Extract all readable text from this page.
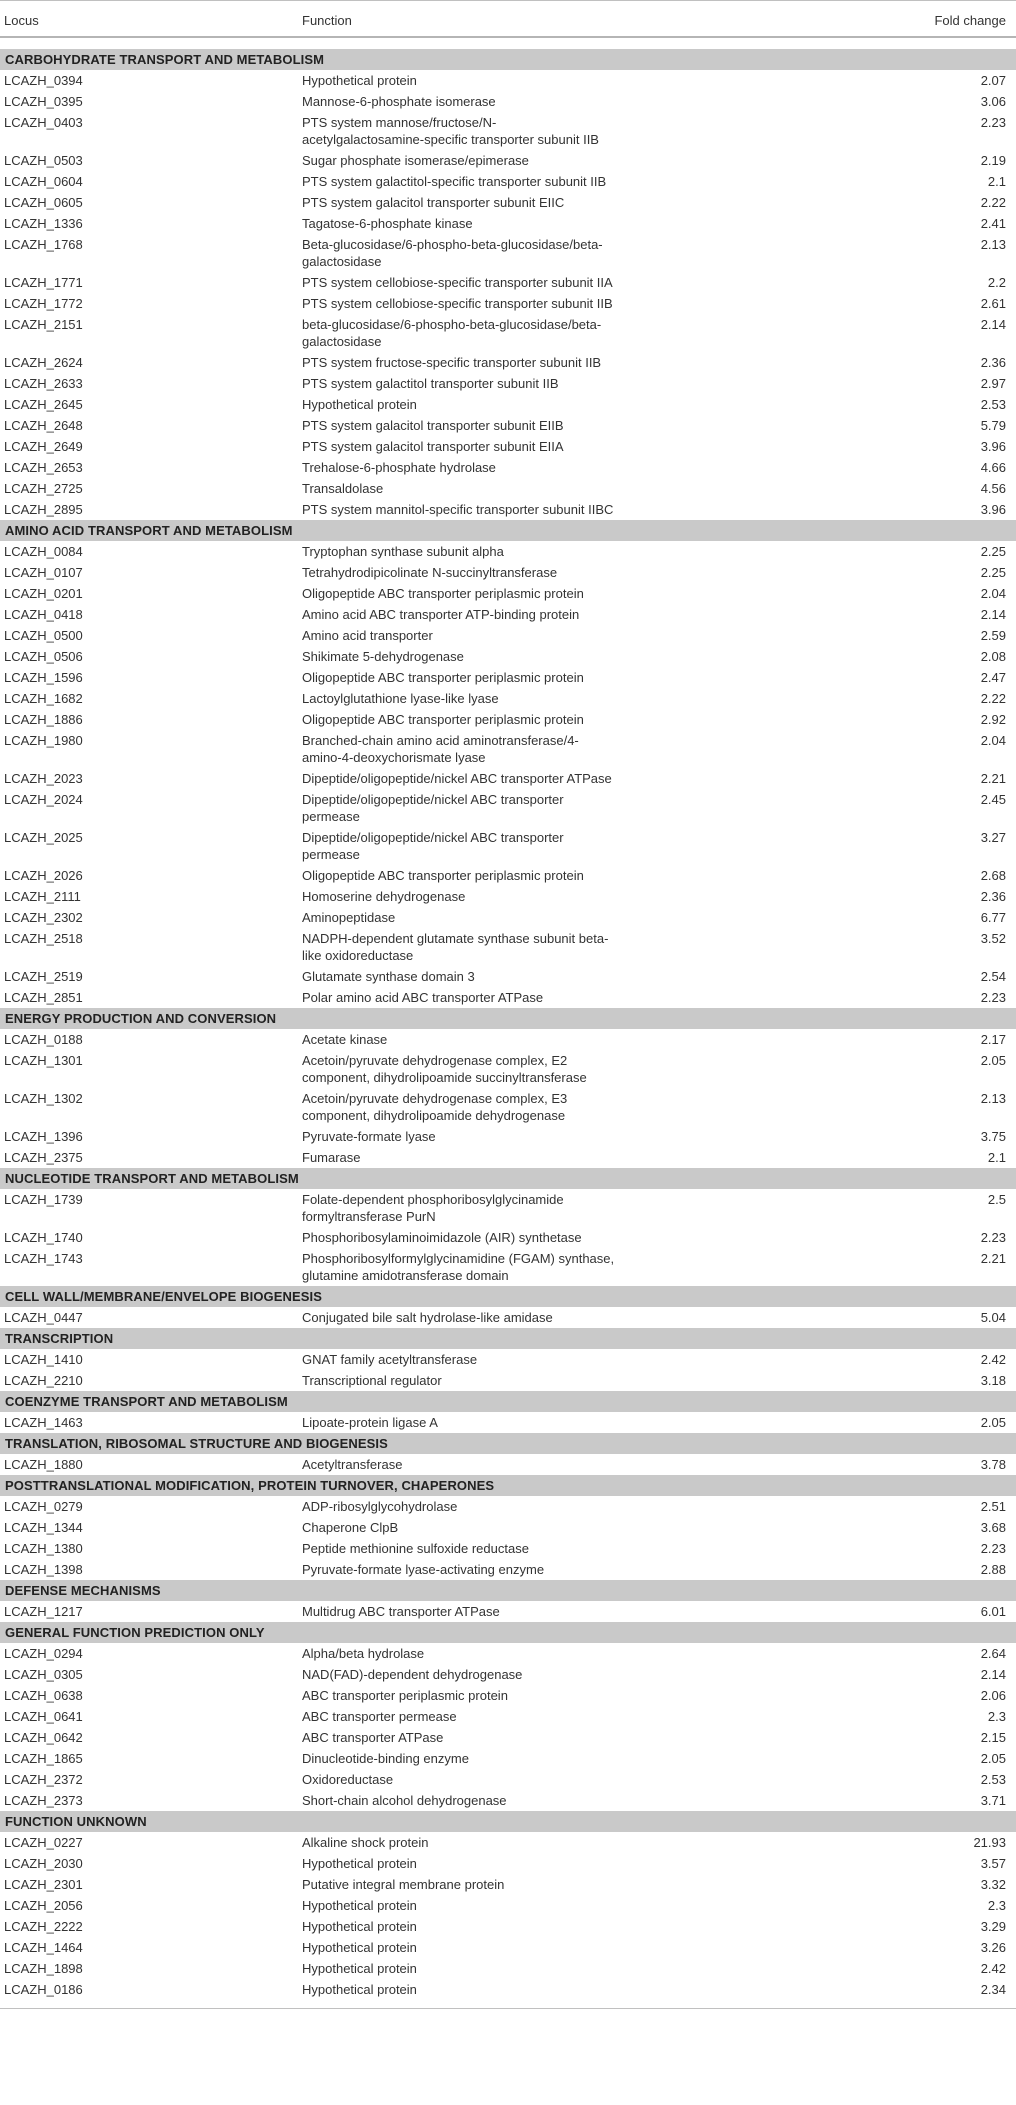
Locus	Function	Fold change

CARBOHYDRATE TRANSPORT AND METABOLISM		
LCAZH_0394	Hypothetical protein	2.07
LCAZH_0395	Mannose-6-phosphate isomerase	3.06
LCAZH_0403	PTS system mannose/fructose/N-acetylgalactosamine-specific transporter subunit IIB	2.23
LCAZH_0503	Sugar phosphate isomerase/epimerase	2.19
LCAZH_0604	PTS system galactitol-specific transporter subunit IIB	2.1
LCAZH_0605	PTS system galacitol transporter subunit EIIC	2.22
LCAZH_1336	Tagatose-6-phosphate kinase	2.41
LCAZH_1768	Beta-glucosidase/6-phospho-beta-glucosidase/beta-galactosidase	2.13
LCAZH_1771	PTS system cellobiose-specific transporter subunit IIA	2.2
LCAZH_1772	PTS system cellobiose-specific transporter subunit IIB	2.61
LCAZH_2151	beta-glucosidase/6-phospho-beta-glucosidase/beta-galactosidase	2.14
LCAZH_2624	PTS system fructose-specific transporter subunit IIB	2.36
LCAZH_2633	PTS system galactitol transporter subunit IIB	2.97
LCAZH_2645	Hypothetical protein	2.53
LCAZH_2648	PTS system galacitol transporter subunit EIIB	5.79
LCAZH_2649	PTS system galacitol transporter subunit EIIA	3.96
LCAZH_2653	Trehalose-6-phosphate hydrolase	4.66
LCAZH_2725	Transaldolase	4.56
LCAZH_2895	PTS system mannitol-specific transporter subunit IIBC	3.96
AMINO ACID TRANSPORT AND METABOLISM		
LCAZH_0084	Tryptophan synthase subunit alpha	2.25
LCAZH_0107	Tetrahydrodipicolinate N-succinyltransferase	2.25
LCAZH_0201	Oligopeptide ABC transporter periplasmic protein	2.04
LCAZH_0418	Amino acid ABC transporter ATP-binding protein	2.14
LCAZH_0500	Amino acid transporter	2.59
LCAZH_0506	Shikimate 5-dehydrogenase	2.08
LCAZH_1596	Oligopeptide ABC transporter periplasmic protein	2.47
LCAZH_1682	Lactoylglutathione lyase-like lyase	2.22
LCAZH_1886	Oligopeptide ABC transporter periplasmic protein	2.92
LCAZH_1980	Branched-chain amino acid aminotransferase/4-amino-4-deoxychorismate lyase	2.04
LCAZH_2023	Dipeptide/oligopeptide/nickel ABC transporter ATPase	2.21
LCAZH_2024	Dipeptide/oligopeptide/nickel ABC transporter permease	2.45
LCAZH_2025	Dipeptide/oligopeptide/nickel ABC transporter permease	3.27
LCAZH_2026	Oligopeptide ABC transporter periplasmic protein	2.68
LCAZH_2111	Homoserine dehydrogenase	2.36
LCAZH_2302	Aminopeptidase	6.77
LCAZH_2518	NADPH-dependent glutamate synthase subunit beta-like oxidoreductase	3.52
LCAZH_2519	Glutamate synthase domain 3	2.54
LCAZH_2851	Polar amino acid ABC transporter ATPase	2.23
ENERGY PRODUCTION AND CONVERSION		
LCAZH_0188	Acetate kinase	2.17
LCAZH_1301	Acetoin/pyruvate dehydrogenase complex, E2 component, dihydrolipoamide succinyltransferase	2.05
LCAZH_1302	Acetoin/pyruvate dehydrogenase complex, E3 component, dihydrolipoamide dehydrogenase	2.13
LCAZH_1396	Pyruvate-formate lyase	3.75
LCAZH_2375	Fumarase	2.1
NUCLEOTIDE TRANSPORT AND METABOLISM		
LCAZH_1739	Folate-dependent phosphoribosylglycinamide formyltransferase PurN	2.5
LCAZH_1740	Phosphoribosylaminoimidazole (AIR) synthetase	2.23
LCAZH_1743	Phosphoribosylformylglycinamidine (FGAM) synthase, glutamine amidotransferase domain	2.21
CELL WALL/MEMBRANE/ENVELOPE BIOGENESIS		
LCAZH_0447	Conjugated bile salt hydrolase-like amidase	5.04
TRANSCRIPTION		
LCAZH_1410	GNAT family acetyltransferase	2.42
LCAZH_2210	Transcriptional regulator	3.18
COENZYME TRANSPORT AND METABOLISM		
LCAZH_1463	Lipoate-protein ligase A	2.05
TRANSLATION, RIBOSOMAL STRUCTURE AND BIOGENESIS		
LCAZH_1880	Acetyltransferase	3.78
POSTTRANSLATIONAL MODIFICATION, PROTEIN TURNOVER, CHAPERONES		
LCAZH_0279	ADP-ribosylglycohydrolase	2.51
LCAZH_1344	Chaperone ClpB	3.68
LCAZH_1380	Peptide methionine sulfoxide reductase	2.23
LCAZH_1398	Pyruvate-formate lyase-activating enzyme	2.88
DEFENSE MECHANISMS		
LCAZH_1217	Multidrug ABC transporter ATPase	6.01
GENERAL FUNCTION PREDICTION ONLY		
LCAZH_0294	Alpha/beta hydrolase	2.64
LCAZH_0305	NAD(FAD)-dependent dehydrogenase	2.14
LCAZH_0638	ABC transporter periplasmic protein	2.06
LCAZH_0641	ABC transporter permease	2.3
LCAZH_0642	ABC transporter ATPase	2.15
LCAZH_1865	Dinucleotide-binding enzyme	2.05
LCAZH_2372	Oxidoreductase	2.53
LCAZH_2373	Short-chain alcohol dehydrogenase	3.71
FUNCTION UNKNOWN		
LCAZH_0227	Alkaline shock protein	21.93
LCAZH_2030	Hypothetical protein	3.57
LCAZH_2301	Putative integral membrane protein	3.32
LCAZH_2056	Hypothetical protein	2.3
LCAZH_2222	Hypothetical protein	3.29
LCAZH_1464	Hypothetical protein	3.26
LCAZH_1898	Hypothetical protein	2.42
LCAZH_0186	Hypothetical protein	2.34
